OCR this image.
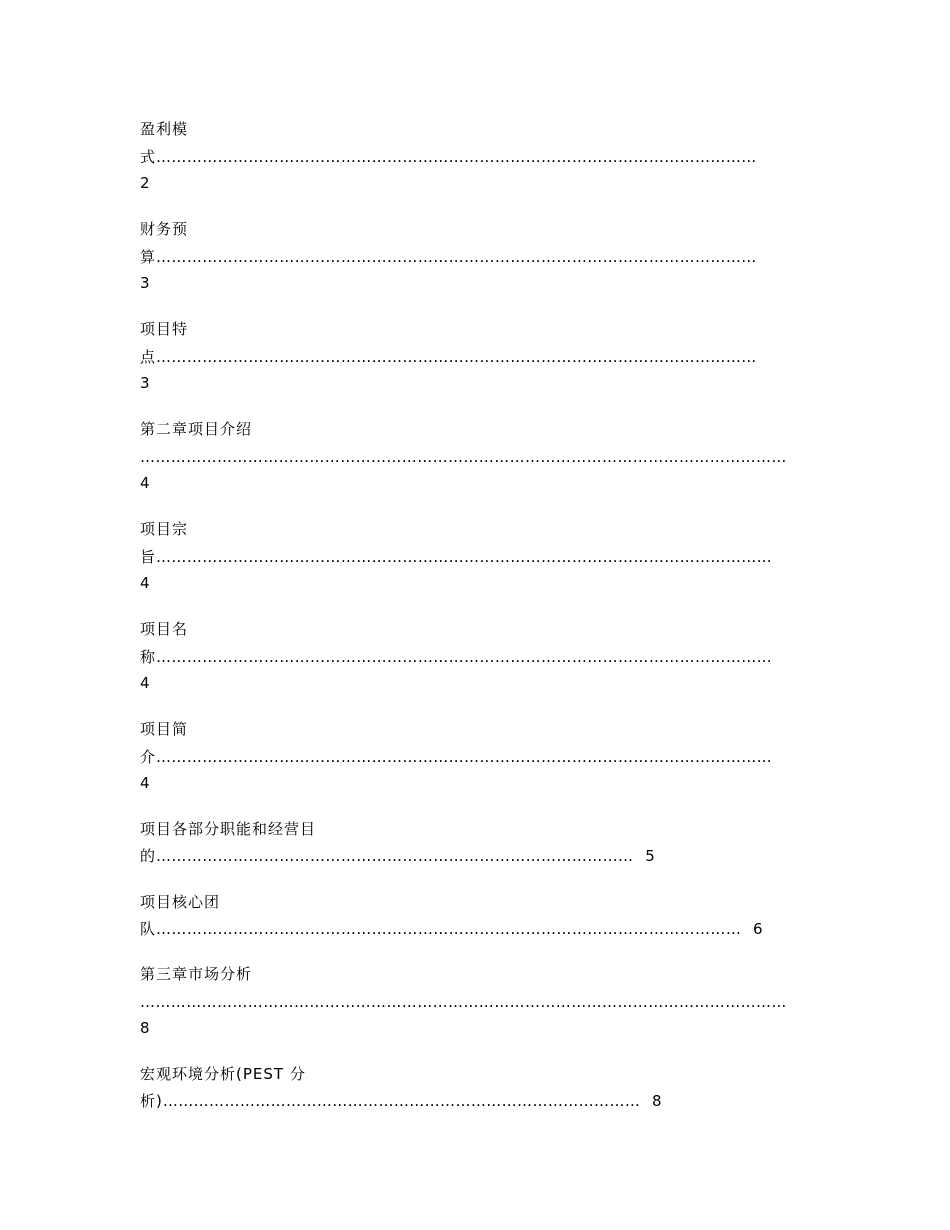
盈利模
式………………………………………………………………………………………………………
2
财务预
算………………………………………………………………………………………………………
3
项目特
点………………………………………………………………………………………………………
3
第二章项目介绍
………………………………………………………………………………………………………………
4
项目宗
旨…………………………………………………………………………………………………………
4
项目名
称…………………………………………………………………………………………………………
4
项目简
介…………………………………………………………………………………………………………
4
项目各部分职能和经营目
的………………………………………………………………………………… 5
项目核心团
队…………………………………………………………………………………………………… 6
第三章市场分析
………………………………………………………………………………………………………………
8
宏观环境分析(PEST 分
析)………………………………………………………………………………… 8
